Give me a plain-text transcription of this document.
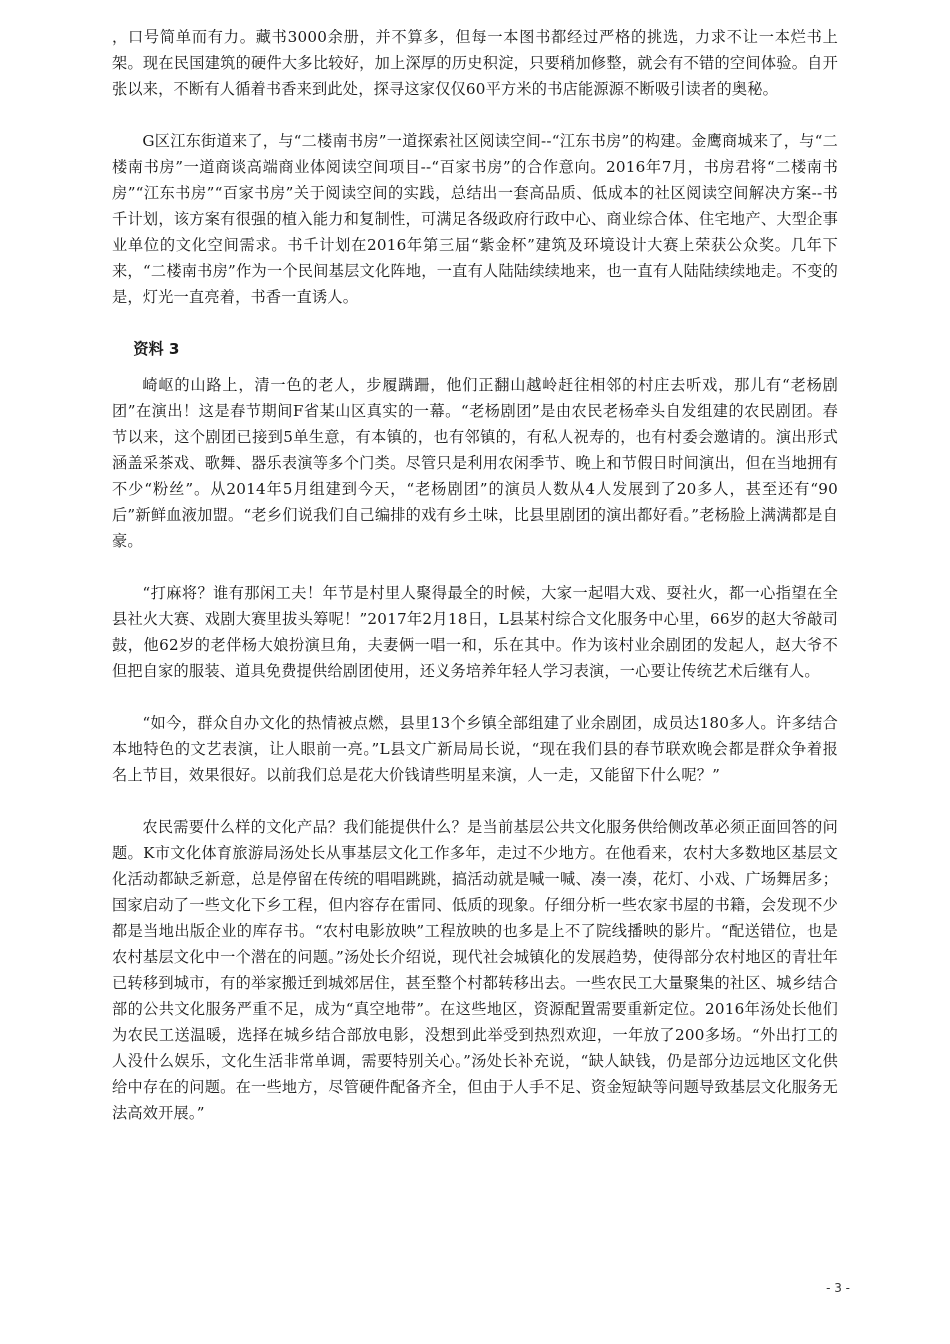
，口号简单而有力。藏书3000余册，并不算多，但每一本图书都经过严格的挑选，力求不让一本烂书上架。现在民国建筑的硬件大多比较好，加上深厚的历史积淀，只要稍加修整，就会有不错的空间体验。自开张以来，不断有人循着书香来到此处，探寻这家仅仅60平方米的书店能源源不断吸引读者的奥秘。

G区江东街道来了，与“二楼南书房”一道探索社区阅读空间--“江东书房”的构建。金鹰商城来了，与“二楼南书房”一道商谈高端商业体阅读空间项目--“百家书房”的合作意向。2016年7月，书房君将“二楼南书房”“江东书房”“百家书房”关于阅读空间的实践，总结出一套高品质、低成本的社区阅读空间解决方案--书千计划，该方案有很强的植入能力和复制性，可满足各级政府行政中心、商业综合体、住宅地产、大型企事业单位的文化空间需求。书千计划在2016年第三届“紫金杯”建筑及环境设计大赛上荣获公众奖。几年下来，“二楼南书房”作为一个民间基层文化阵地，一直有人陆陆续续地来，也一直有人陆陆续续地走。不变的是，灯光一直亮着，书香一直诱人。

资料 3

崎岖的山路上，清一色的老人，步履蹒跚，他们正翻山越岭赶往相邻的村庄去听戏，那儿有“老杨剧团”在演出！这是春节期间F省某山区真实的一幕。“老杨剧团”是由农民老杨牵头自发组建的农民剧团。春节以来，这个剧团已接到5单生意，有本镇的，也有邻镇的，有私人祝寿的，也有村委会邀请的。演出形式涵盖采茶戏、歌舞、器乐表演等多个门类。尽管只是利用农闲季节、晚上和节假日时间演出，但在当地拥有不少“粉丝”。从2014年5月组建到今天，“老杨剧团”的演员人数从4人发展到了20多人，甚至还有“90后”新鲜血液加盟。“老乡们说我们自己编排的戏有乡土味，比县里剧团的演出都好看。”老杨脸上满满都是自豪。

“打麻将？谁有那闲工夫！年节是村里人聚得最全的时候，大家一起唱大戏、耍社火，都一心指望在全县社火大赛、戏剧大赛里拔头筹呢！”2017年2月18日，L县某村综合文化服务中心里，66岁的赵大爷敲司鼓，他62岁的老伴杨大娘扮演旦角，夫妻俩一唱一和，乐在其中。作为该村业余剧团的发起人，赵大爷不但把自家的服装、道具免费提供给剧团使用，还义务培养年轻人学习表演，一心要让传统艺术后继有人。

“如今，群众自办文化的热情被点燃，县里13个乡镇全部组建了业余剧团，成员达180多人。许多结合本地特色的文艺表演，让人眼前一亮。”L县文广新局局长说，“现在我们县的春节联欢晚会都是群众争着报名上节目，效果很好。以前我们总是花大价钱请些明星来演，人一走，又能留下什么呢？”

农民需要什么样的文化产品？我们能提供什么？是当前基层公共文化服务供给侧改革必须正面回答的问题。K市文化体育旅游局汤处长从事基层文化工作多年，走过不少地方。在他看来，农村大多数地区基层文化活动都缺乏新意，总是停留在传统的唱唱跳跳，搞活动就是喊一喊、凑一凑，花灯、小戏、广场舞居多；国家启动了一些文化下乡工程，但内容存在雷同、低质的现象。仔细分析一些农家书屋的书籍，会发现不少都是当地出版企业的库存书。“农村电影放映”工程放映的也多是上不了院线播映的影片。“配送错位，也是农村基层文化中一个潜在的问题。”汤处长介绍说，现代社会城镇化的发展趋势，使得部分农村地区的青壮年已转移到城市，有的举家搬迁到城郊居住，甚至整个村都转移出去。一些农民工大量聚集的社区、城乡结合部的公共文化服务严重不足，成为“真空地带”。在这些地区，资源配置需要重新定位。2016年汤处长他们为农民工送温暖，选择在城乡结合部放电影，没想到此举受到热烈欢迎，一年放了200多场。“外出打工的人没什么娱乐，文化生活非常单调，需要特别关心。”汤处长补充说，“缺人缺钱，仍是部分边远地区文化供给中存在的问题。在一些地方，尽管硬件配备齐全，但由于人手不足、资金短缺等问题导致基层文化服务无法高效开展。”

- 3 -
